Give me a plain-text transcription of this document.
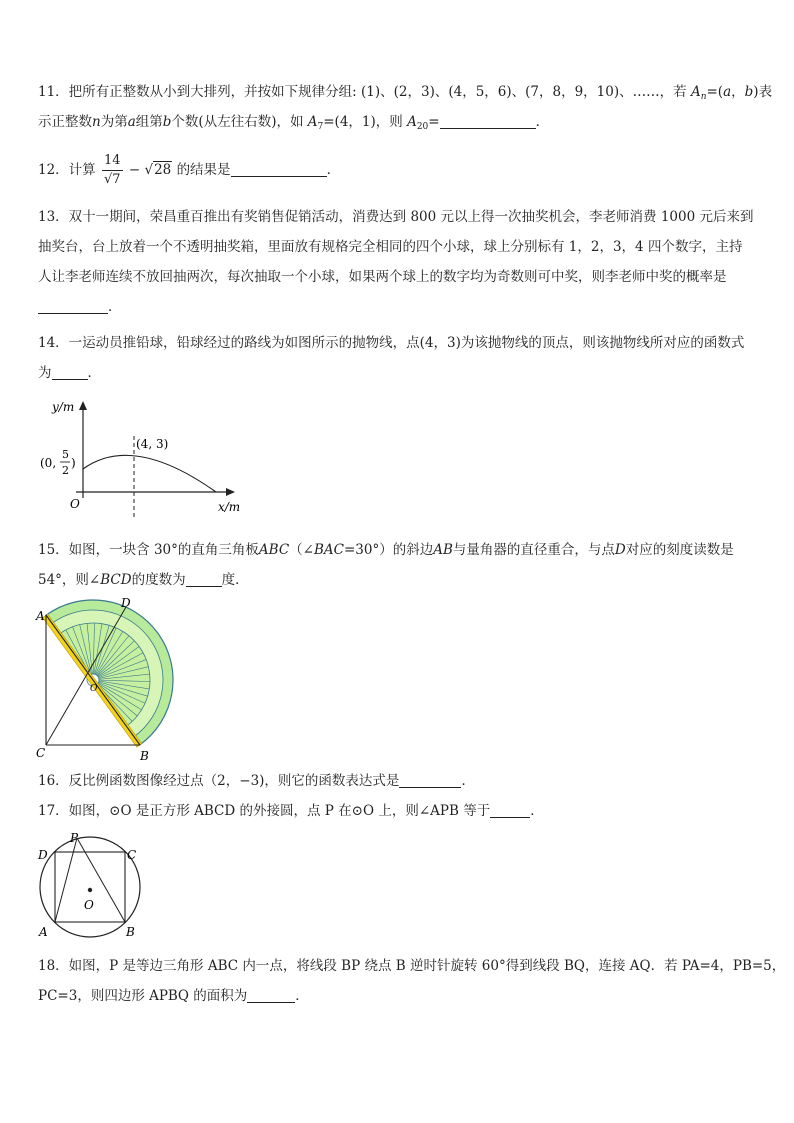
11．把所有正整数从小到大排列，并按如下规律分组: (1)、(2，3)、(4，5，6)、(7，8，9，10)、……，若 $A_n=(a$，b)表
示正整数n为第a组第b个数(从左往右数)，如 $A_7=(4$，1)，则 $A_{20}=$	．
12．计算 $\frac{14}{√7} - √28$ 的结果是	．
13．双十一期间，荣昌重百推出有奖销售促销活动，消费达到 800 元以上得一次抽奖机会，李老师消费 1000 元后来到
抽奖台，台上放着一个不透明抽奖箱，里面放有规格完全相同的四个小球，球上分别标有 1，2，3，4 四个数字，主持
人让李老师连续不放回抽两次，每次抽取一个小球，如果两个球上的数字均为奇数则可中奖，则李老师中奖的概率是
．
14．一运动员推铅球，铅球经过的路线为如图所示的抛物线，点(4，3)为该抛物线的顶点，则该抛物线所对应的函数式
为	．
y/m
x/m
O
(4, 3)
(0,
5
2
)
15．如图，一块含 30°的直角三角板ABC（∠BAC=30°）的斜边AB与量角器的直径重合，与点D对应的刻度读数是
54°，则∠BCD的度数为	度．
A
B
C
D
O
16．反比例函数图像经过点（2，−3)，则它的函数表达式是	．
17．如图，⊙O 是正方形 ABCD 的外接圆，点 P 在⊙O 上，则∠APB 等于	．
P
D	C
O
A	B
18．如图，P 是等边三角形 ABC 内一点，将线段 BP 绕点 B 逆时针旋转 60°得到线段 BQ，连接 AQ．若 PA=4，PB=5，
PC=3，则四边形 APBQ 的面积为	．
